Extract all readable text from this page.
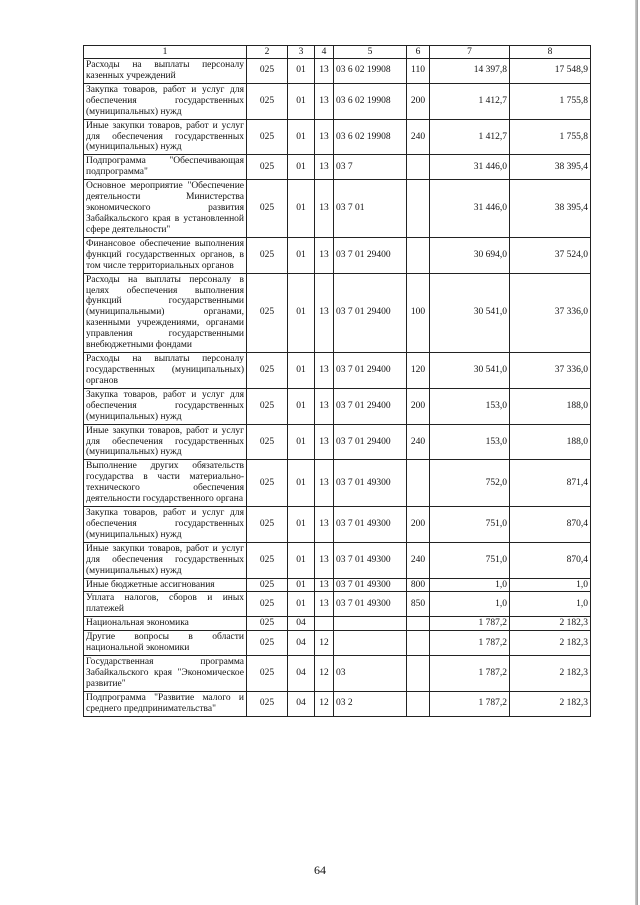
1	2	3	4	5	6	7	8
Расходы на выплаты персоналу казенных учреждений	025	01	13	03 6 02 19908	110	14 397,8	17 548,9
Закупка товаров, работ и услуг для обеспечения государственных (муниципальных) нужд	025	01	13	03 6 02 19908	200	1 412,7	1 755,8
Иные закупки товаров, работ и услуг для обеспечения государственных (муниципальных) нужд	025	01	13	03 6 02 19908	240	1 412,7	1 755,8
Подпрограмма "Обеспечивающая подпрограмма"	025	01	13	03 7		31 446,0	38 395,4
Основное мероприятие "Обеспечение деятельности Министерства экономического развития Забайкальского края в установленной сфере деятельности"	025	01	13	03 7 01		31 446,0	38 395,4
Финансовое обеспечение выполнения функций государственных органов, в том числе территориальных органов	025	01	13	03 7 01 29400		30 694,0	37 524,0
Расходы на выплаты персоналу в целях обеспечения выполнения функций государственными (муниципальными) органами, казенными учреждениями, органами управления государственными внебюджетными фондами	025	01	13	03 7 01 29400	100	30 541,0	37 336,0
Расходы на выплаты персоналу государственных (муниципальных) органов	025	01	13	03 7 01 29400	120	30 541,0	37 336,0
Закупка товаров, работ и услуг для обеспечения государственных (муниципальных) нужд	025	01	13	03 7 01 29400	200	153,0	188,0
Иные закупки товаров, работ и услуг для обеспечения государственных (муниципальных) нужд	025	01	13	03 7 01 29400	240	153,0	188,0
Выполнение других обязательств государства в части материально-технического обеспечения деятельности государственного органа	025	01	13	03 7 01 49300		752,0	871,4
Закупка товаров, работ и услуг для обеспечения государственных (муниципальных) нужд	025	01	13	03 7 01 49300	200	751,0	870,4
Иные закупки товаров, работ и услуг для обеспечения государственных (муниципальных) нужд	025	01	13	03 7 01 49300	240	751,0	870,4
Иные бюджетные ассигнования	025	01	13	03 7 01 49300	800	1,0	1,0
Уплата налогов, сборов и иных платежей	025	01	13	03 7 01 49300	850	1,0	1,0
Национальная экономика	025	04				1 787,2	2 182,3
Другие вопросы в области национальной экономики	025	04	12			1 787,2	2 182,3
Государственная программа Забайкальского края "Экономическое развитие"	025	04	12	03		1 787,2	2 182,3
Подпрограмма "Развитие малого и среднего предпринимательства"	025	04	12	03 2		1 787,2	2 182,3
64
